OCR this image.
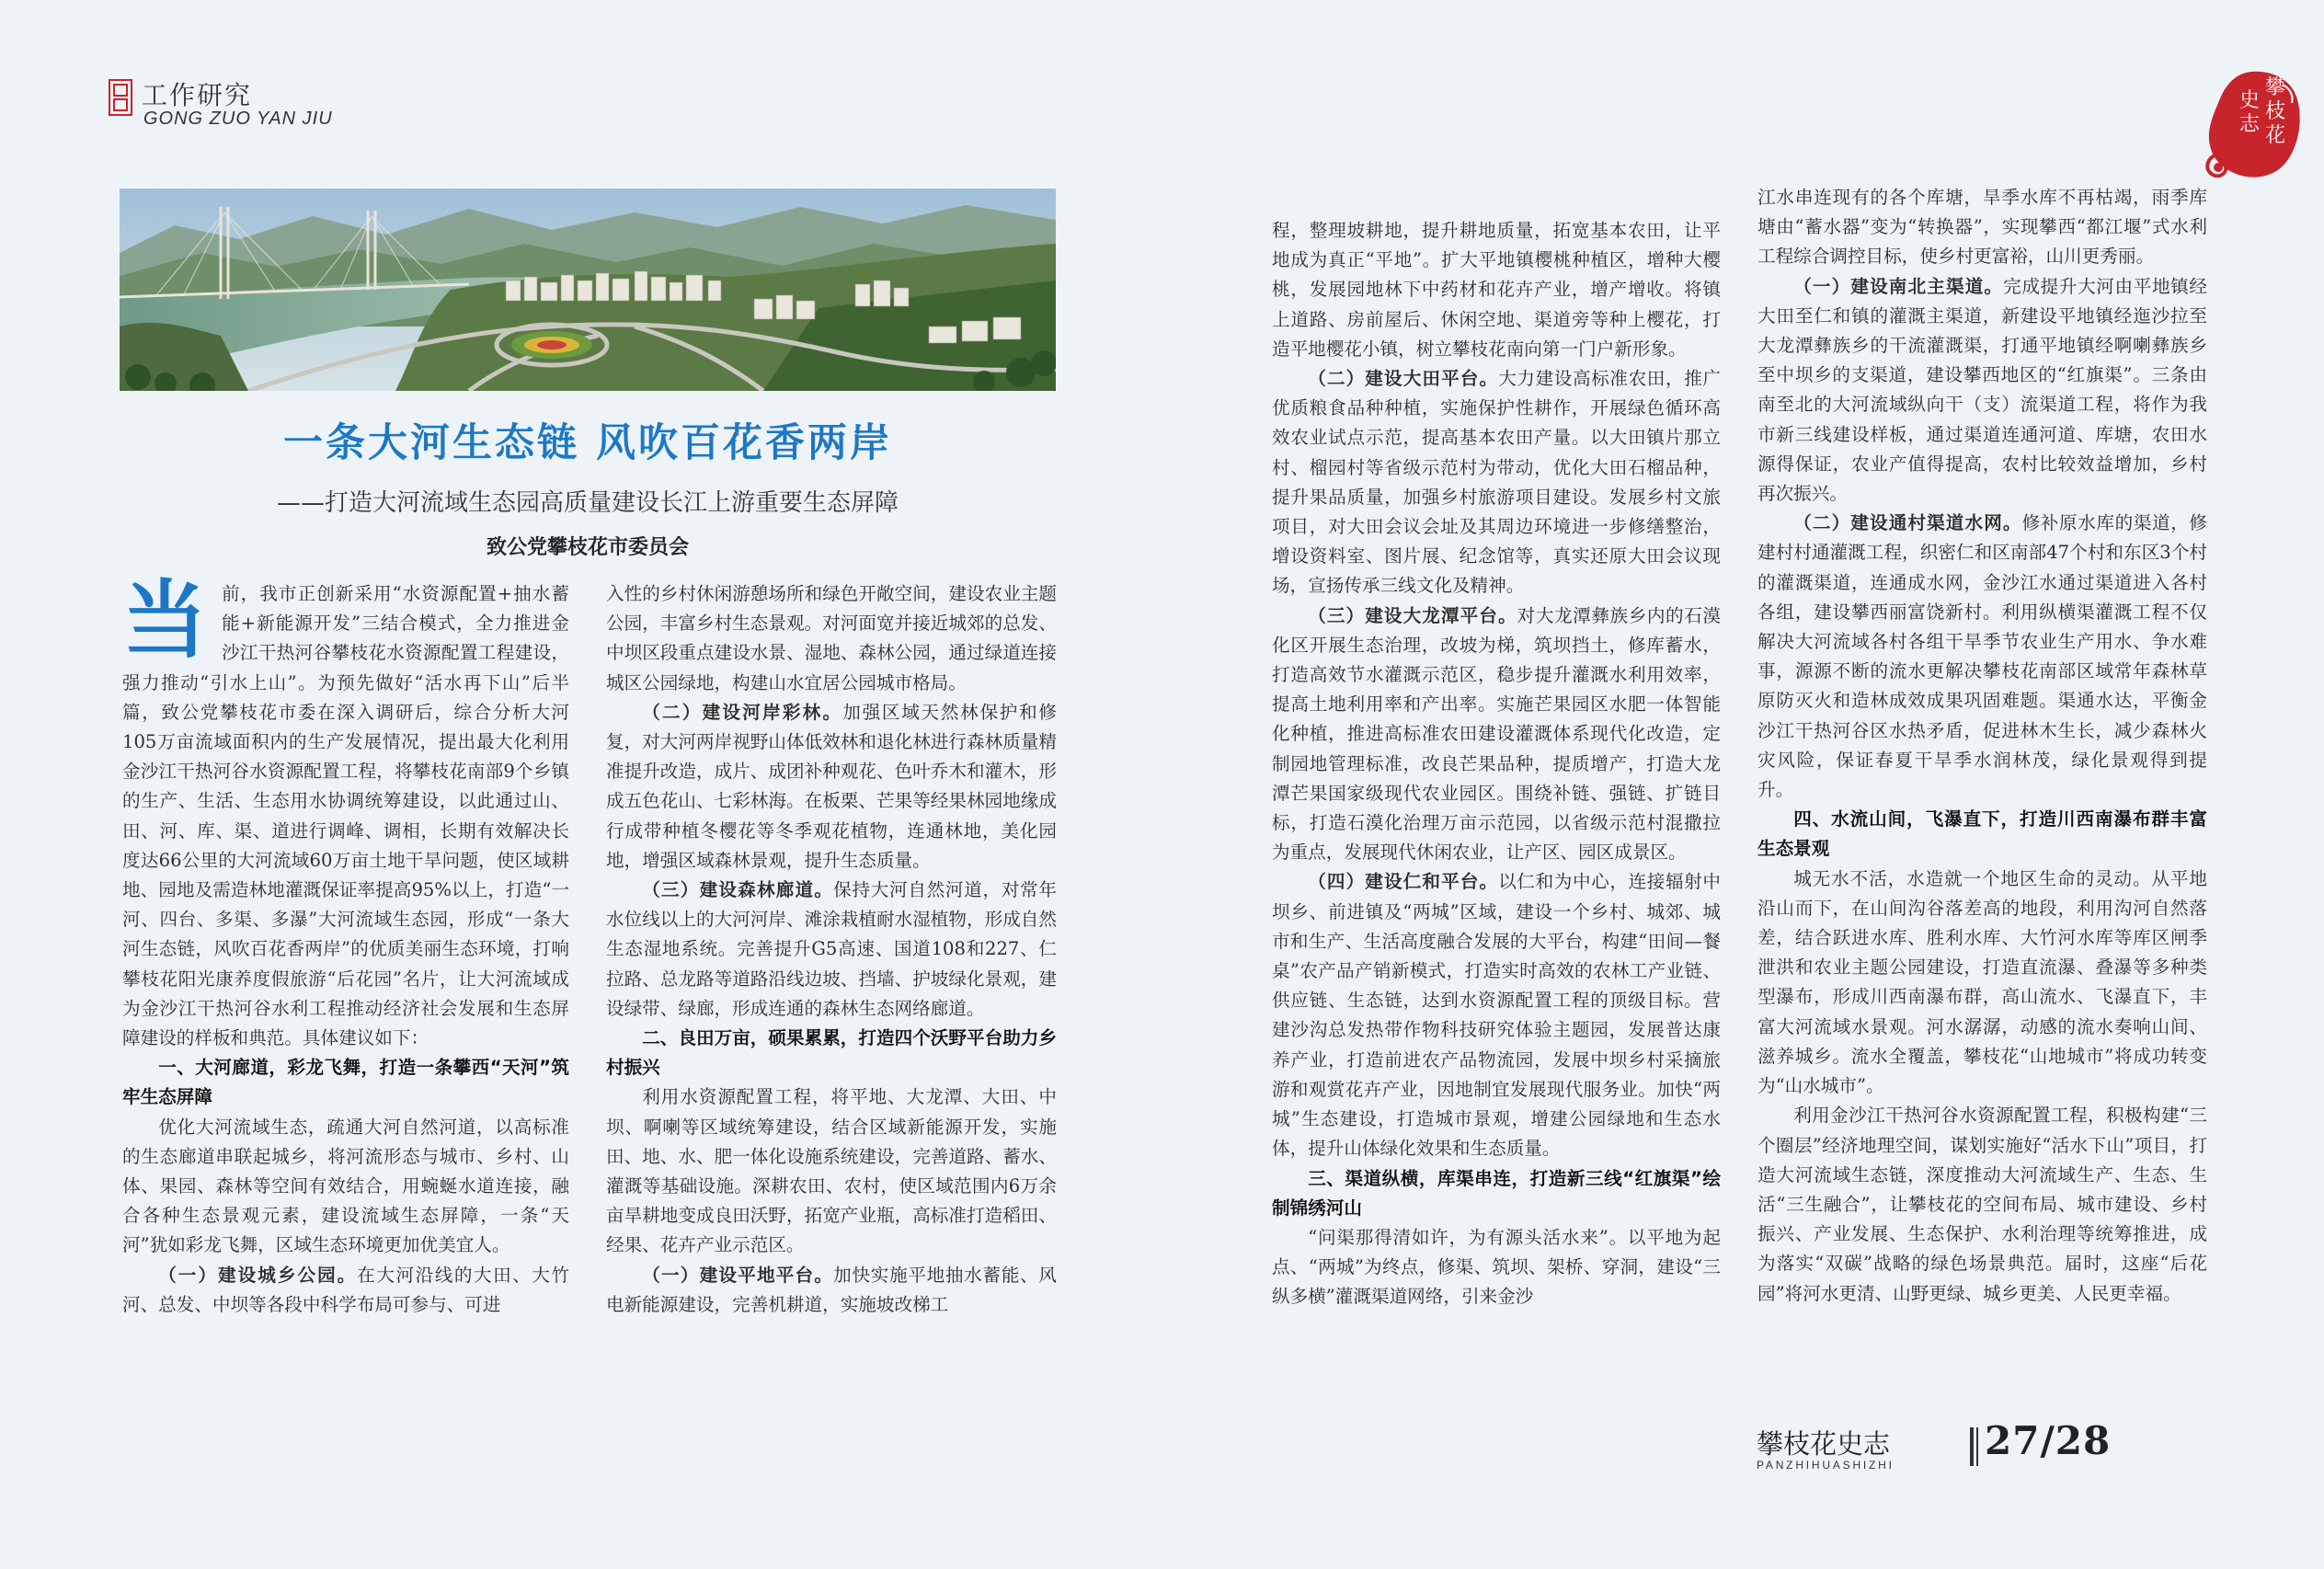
工作研究
GONG ZUO YAN JIU
攀
枝
花
史
志
一条大河生态链 风吹百花香两岸
——打造大河流域生态园高质量建设长江上游重要生态屏障
致公党攀枝花市委员会

当前，我市正创新采用“水资源配置+抽水蓄能+新能源开发”三结合模式，全力推进金沙江干热河谷攀枝花水资源配置工程建设，强力推动“引水上山”。为预先做好“活水再下山”后半篇，致公党攀枝花市委在深入调研后，综合分析大河105万亩流域面积内的生产发展情况，提出最大化利用金沙江干热河谷水资源配置工程，将攀枝花南部9个乡镇的生产、生活、生态用水协调统筹建设，以此通过山、田、河、库、渠、道进行调峰、调相，长期有效解决长度达66公里的大河流域60万亩土地干旱问题，使区域耕地、园地及需造林地灌溉保证率提高95%以上，打造“一河、四台、多渠、多瀑”大河流域生态园，形成“一条大河生态链，风吹百花香两岸”的优质美丽生态环境，打响攀枝花阳光康养度假旅游“后花园”名片，让大河流域成为金沙江干热河谷水利工程推动经济社会发展和生态屏障建设的样板和典范。具体建议如下：

一、大河廊道，彩龙飞舞，打造一条攀西“天河”筑牢生态屏障

优化大河流域生态，疏通大河自然河道，以高标准的生态廊道串联起城乡，将河流形态与城市、乡村、山体、果园、森林等空间有效结合，用蜿蜒水道连接，融合各种生态景观元素，建设流域生态屏障，一条“天河”犹如彩龙飞舞，区域生态环境更加优美宜人。

（一）建设城乡公园。在大河沿线的大田、大竹河、总发、中坝等各段中科学布局可参与、可进

入性的乡村休闲游憩场所和绿色开敞空间，建设农业主题公园，丰富乡村生态景观。对河面宽并接近城郊的总发、中坝区段重点建设水景、湿地、森林公园，通过绿道连接城区公园绿地，构建山水宜居公园城市格局。

（二）建设河岸彩林。加强区域天然林保护和修复，对大河两岸视野山体低效林和退化林进行森林质量精准提升改造，成片、成团补种观花、色叶乔木和灌木，形成五色花山、七彩林海。在板栗、芒果等经果林园地缘成行成带种植冬樱花等冬季观花植物，连通林地，美化园地，增强区域森林景观，提升生态质量。

（三）建设森林廊道。保持大河自然河道，对常年水位线以上的大河河岸、滩涂栽植耐水湿植物，形成自然生态湿地系统。完善提升G5高速、国道108和227、仁拉路、总龙路等道路沿线边坡、挡墙、护坡绿化景观，建设绿带、绿廊，形成连通的森林生态网络廊道。

二、良田万亩，硕果累累，打造四个沃野平台助力乡村振兴

利用水资源配置工程，将平地、大龙潭、大田、中坝、啊喇等区域统筹建设，结合区域新能源开发，实施田、地、水、肥一体化设施系统建设，完善道路、蓄水、灌溉等基础设施。深耕农田、农村，使区域范围内6万余亩旱耕地变成良田沃野，拓宽产业瓶，高标准打造稻田、经果、花卉产业示范区。

（一）建设平地平台。加快实施平地抽水蓄能、风电新能源建设，完善机耕道，实施坡改梯工

程，整理坡耕地，提升耕地质量，拓宽基本农田，让平地成为真正“平地”。扩大平地镇樱桃种植区，增种大樱桃，发展园地林下中药材和花卉产业，增产增收。将镇上道路、房前屋后、休闲空地、渠道旁等种上樱花，打造平地樱花小镇，树立攀枝花南向第一门户新形象。

（二）建设大田平台。大力建设高标准农田，推广优质粮食品种种植，实施保护性耕作，开展绿色循环高效农业试点示范，提高基本农田产量。以大田镇片那立村、榴园村等省级示范村为带动，优化大田石榴品种，提升果品质量，加强乡村旅游项目建设。发展乡村文旅项目，对大田会议会址及其周边环境进一步修缮整治，增设资料室、图片展、纪念馆等，真实还原大田会议现场，宣扬传承三线文化及精神。

（三）建设大龙潭平台。对大龙潭彝族乡内的石漠化区开展生态治理，改坡为梯，筑坝挡土，修库蓄水，打造高效节水灌溉示范区，稳步提升灌溉水利用效率，提高土地利用率和产出率。实施芒果园区水肥一体智能化种植，推进高标准农田建设灌溉体系现代化改造，定制园地管理标准，改良芒果品种，提质增产，打造大龙潭芒果国家级现代农业园区。围绕补链、强链、扩链目标，打造石漠化治理万亩示范园，以省级示范村混撒拉为重点，发展现代休闲农业，让产区、园区成景区。

（四）建设仁和平台。以仁和为中心，连接辐射中坝乡、前进镇及“两城”区域，建设一个乡村、城郊、城市和生产、生活高度融合发展的大平台，构建“田间—餐桌”农产品产销新模式，打造实时高效的农林工产业链、供应链、生态链，达到水资源配置工程的顶级目标。营建沙沟总发热带作物科技研究体验主题园，发展普达康养产业，打造前进农产品物流园，发展中坝乡村采摘旅游和观赏花卉产业，因地制宜发展现代服务业。加快“两城”生态建设，打造城市景观，增建公园绿地和生态水体，提升山体绿化效果和生态质量。

三、渠道纵横，库渠串连，打造新三线“红旗渠”绘制锦绣河山

“问渠那得清如许，为有源头活水来”。以平地为起点、“两城”为终点，修渠、筑坝、架桥、穿洞，建设“三纵多横”灌溉渠道网络，引来金沙

江水串连现有的各个库塘，旱季水库不再枯竭，雨季库塘由“蓄水器”变为“转换器”，实现攀西“都江堰”式水利工程综合调控目标，使乡村更富裕，山川更秀丽。

（一）建设南北主渠道。完成提升大河由平地镇经大田至仁和镇的灌溉主渠道，新建设平地镇经迤沙拉至大龙潭彝族乡的干流灌溉渠，打通平地镇经啊喇彝族乡至中坝乡的支渠道，建设攀西地区的“红旗渠”。三条由南至北的大河流域纵向干（支）流渠道工程，将作为我市新三线建设样板，通过渠道连通河道、库塘，农田水源得保证，农业产值得提高，农村比较效益增加，乡村再次振兴。

（二）建设通村渠道水网。修补原水库的渠道，修建村村通灌溉工程，织密仁和区南部47个村和东区3个村的灌溉渠道，连通成水网，金沙江水通过渠道进入各村各组，建设攀西丽富饶新村。利用纵横渠灌溉工程不仅解决大河流域各村各组干旱季节农业生产用水、争水难事，源源不断的流水更解决攀枝花南部区域常年森林草原防灭火和造林成效成果巩固难题。渠通水达，平衡金沙江干热河谷区水热矛盾，促进林木生长，减少森林火灾风险，保证春夏干旱季水润林茂，绿化景观得到提升。

四、水流山间，飞瀑直下，打造川西南瀑布群丰富生态景观

城无水不活，水造就一个地区生命的灵动。从平地沿山而下，在山间沟谷落差高的地段，利用沟河自然落差，结合跃进水库、胜利水库、大竹河水库等库区闸季泄洪和农业主题公园建设，打造直流瀑、叠瀑等多种类型瀑布，形成川西南瀑布群，高山流水、飞瀑直下，丰富大河流域水景观。河水潺潺，动感的流水奏响山间、滋养城乡。流水全覆盖，攀枝花“山地城市”将成功转变为“山水城市”。

利用金沙江干热河谷水资源配置工程，积极构建“三个圈层”经济地理空间，谋划实施好“活水下山”项目，打造大河流域生态链，深度推动大河流域生产、生态、生活“三生融合”，让攀枝花的空间布局、城市建设、乡村振兴、产业发展、生态保护、水利治理等统筹推进，成为落实“双碳”战略的绿色场景典范。届时，这座“后花园”将河水更清、山野更绿、城乡更美、人民更幸福。

攀枝花史志
PANZHIHUASHIZHI
27/28
